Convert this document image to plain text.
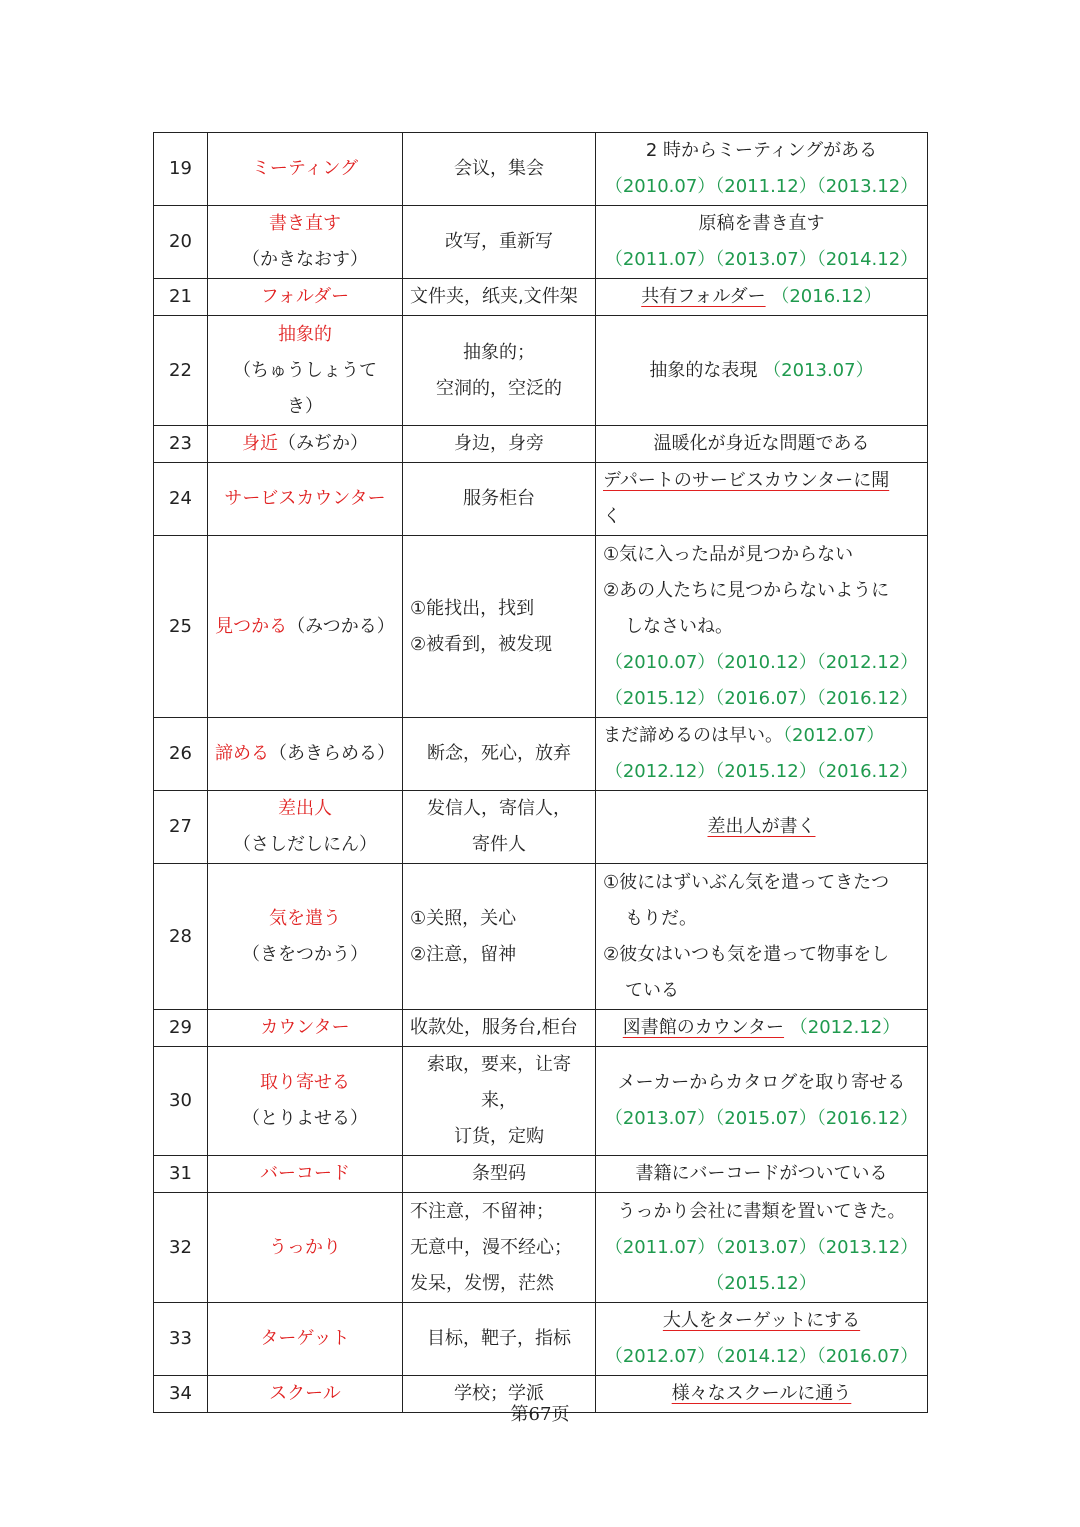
19	ミーティング	会议，集会	2 時からミーティングがある
（2010.07）（2011.12）（2013.12）

20	書き直す
（かきなおす）	改写，重新写	原稿を書き直す
（2011.07）（2013.07）（2014.12）

21	フォルダー	文件夹，纸夹,文件架	共有フォルダー （2016.12）
22	抽象的
（ちゅうしょうて
き）	抽象的；
空洞的，空泛的	抽象的な表現 （2013.07）
23	身近（みぢか）	身边，身旁	温暖化が身近な問題である
24	サービスカウンター	服务柜台	デパートのサービスカウンターに聞
く

25	見つかる（みつかる）	①能找出，找到
②被看到，被发现	①気に入った品が見つからない
②あの人たちに見つからないように
しなさいね。
（2010.07）（2010.12）（2012.12）
（2015.12）（2016.07）（2016.12）

26	諦める（あきらめる）	断念，死心，放弃	まだ諦めるのは早い。（2012.07）
（2012.12）（2015.12）（2016.12）

27	差出人
（さしだしにん）	发信人，寄信人，
寄件人	差出人が書く
28	気を遣う
（きをつかう）	①关照，关心
②注意，留神	①彼にはずいぶん気を遣ってきたつ
もりだ。
②彼女はいつも気を遣って物事をし
ている

29	カウンター	收款处，服务台,柜台	図書館のカウンター （2012.12）
30	取り寄せる
（とりよせる）	索取，要来，让寄来，
订货，定购	メーカーからカタログを取り寄せる
（2013.07）（2015.07）（2016.12）

31	バーコード	条型码	書籍にバーコードがついている
32	うっかり	不注意，不留神；
无意中，漫不经心；
发呆，发愣，茫然	うっかり会社に書類を置いてきた。
（2011.07）（2013.07）（2013.12）
（2015.12）

33	ターゲット	目标，靶子，指标	大人をターゲットにする
（2012.07）（2014.12）（2016.07）

34	スクール	学校；学派	様々なスクールに通う
第67页
